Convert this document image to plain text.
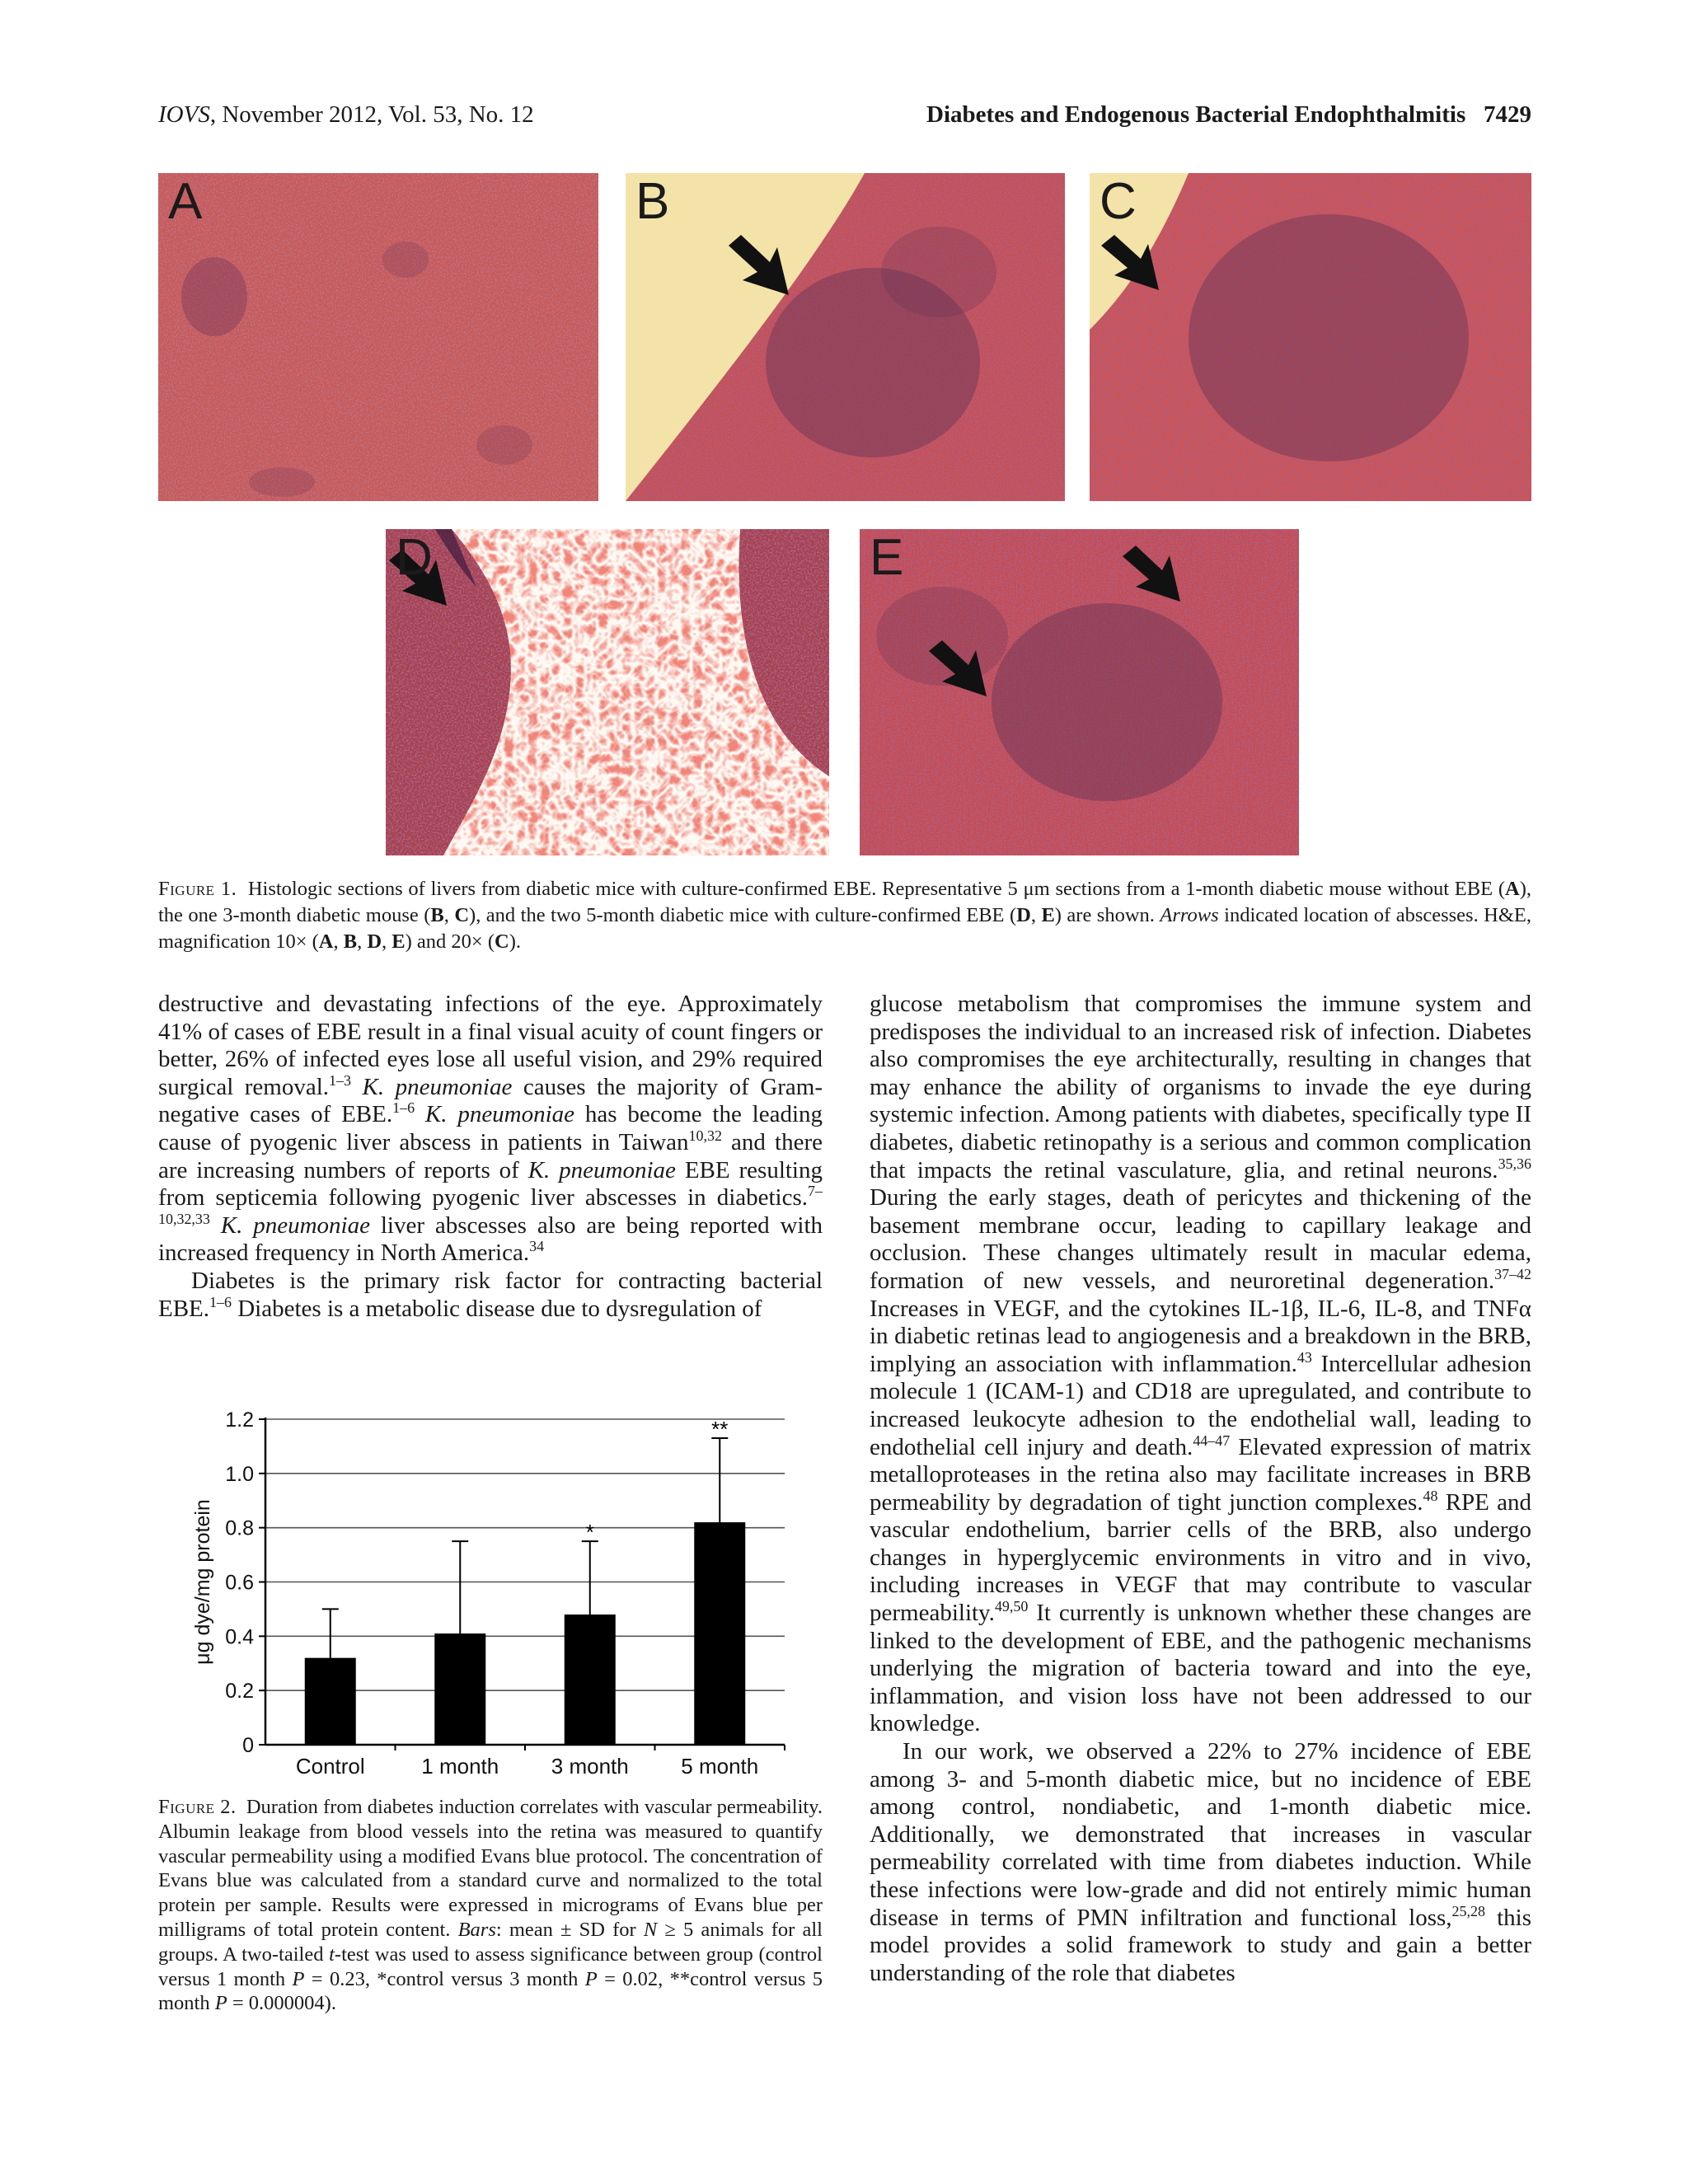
IOVS, November 2012, Vol. 53, No. 12	Diabetes and Endogenous Bacterial Endophthalmitis 7429
A	B	C
D	E
Figure 1. Histologic sections of livers from diabetic mice with culture-confirmed EBE. Representative 5 μm sections from a 1-month diabetic mouse without EBE (A), the one 3-month diabetic mouse (B, C), and the two 5-month diabetic mice with culture-confirmed EBE (D, E) are shown. Arrows indicated location of abscesses. H&E, magnification 10× (A, B, D, E) and 20× (C).

destructive and devastating infections of the eye. Approximately 41% of cases of EBE result in a final visual acuity of count fingers or better, 26% of infected eyes lose all useful vision, and 29% required surgical removal.$^{1-3}$ K. pneumoniae causes the majority of Gram-negative cases of EBE.$^{1-6}$ K. pneumoniae has become the leading cause of pyogenic liver abscess in patients in Taiwan$^{10,32}$ and there are increasing numbers of reports of K. pneumoniae EBE resulting from septicemia following pyogenic liver abscesses in diabetics.$^{7-10,32,33}$ K. pneumoniae liver abscesses also are being reported with increased frequency in North America.$^{34}$

Diabetes is the primary risk factor for contracting bacterial EBE.$^{1-6}$ Diabetes is a metabolic disease due to dysregulation of

0
0.2
0.4
0.6
0.8
1.0
1.2
μg dye/mg protein
Control	1 month
*
3 month
**
5 month
Figure 2. Duration from diabetes induction correlates with vascular permeability. Albumin leakage from blood vessels into the retina was measured to quantify vascular permeability using a modified Evans blue protocol. The concentration of Evans blue was calculated from a standard curve and normalized to the total protein per sample. Results were expressed in micrograms of Evans blue per milligrams of total protein content. Bars: mean ± SD for N ≥ 5 animals for all groups. A two-tailed t-test was used to assess significance between group (control versus 1 month P = 0.23, *control versus 3 month P = 0.02, **control versus 5 month P = 0.000004).

glucose metabolism that compromises the immune system and predisposes the individual to an increased risk of infection. Diabetes also compromises the eye architecturally, resulting in changes that may enhance the ability of organisms to invade the eye during systemic infection. Among patients with diabetes, specifically type II diabetes, diabetic retinopathy is a serious and common complication that impacts the retinal vasculature, glia, and retinal neurons.$^{35,36}$ During the early stages, death of pericytes and thickening of the basement membrane occur, leading to capillary leakage and occlusion. These changes ultimately result in macular edema, formation of new vessels, and neuroretinal degeneration.$^{37-42}$ Increases in VEGF, and the cytokines IL-1β, IL-6, IL-8, and TNFα in diabetic retinas lead to angiogenesis and a breakdown in the BRB, implying an association with inflammation.$^{43}$ Intercellular adhesion molecule 1 (ICAM-1) and CD18 are upregulated, and contribute to increased leukocyte adhesion to the endothelial wall, leading to endothelial cell injury and death.$^{44-47}$ Elevated expression of matrix metalloproteases in the retina also may facilitate increases in BRB permeability by degradation of tight junction complexes.$^{48}$ RPE and vascular endothelium, barrier cells of the BRB, also undergo changes in hyperglycemic environments in vitro and in vivo, including increases in VEGF that may contribute to vascular permeability.$^{49,50}$ It currently is unknown whether these changes are linked to the development of EBE, and the pathogenic mechanisms underlying the migration of bacteria toward and into the eye, inflammation, and vision loss have not been addressed to our knowledge.

In our work, we observed a 22% to 27% incidence of EBE among 3- and 5-month diabetic mice, but no incidence of EBE among control, nondiabetic, and 1-month diabetic mice. Additionally, we demonstrated that increases in vascular permeability correlated with time from diabetes induction. While these infections were low-grade and did not entirely mimic human disease in terms of PMN infiltration and functional loss,$^{25,28}$ this model provides a solid framework to study and gain a better understanding of the role that diabetes
